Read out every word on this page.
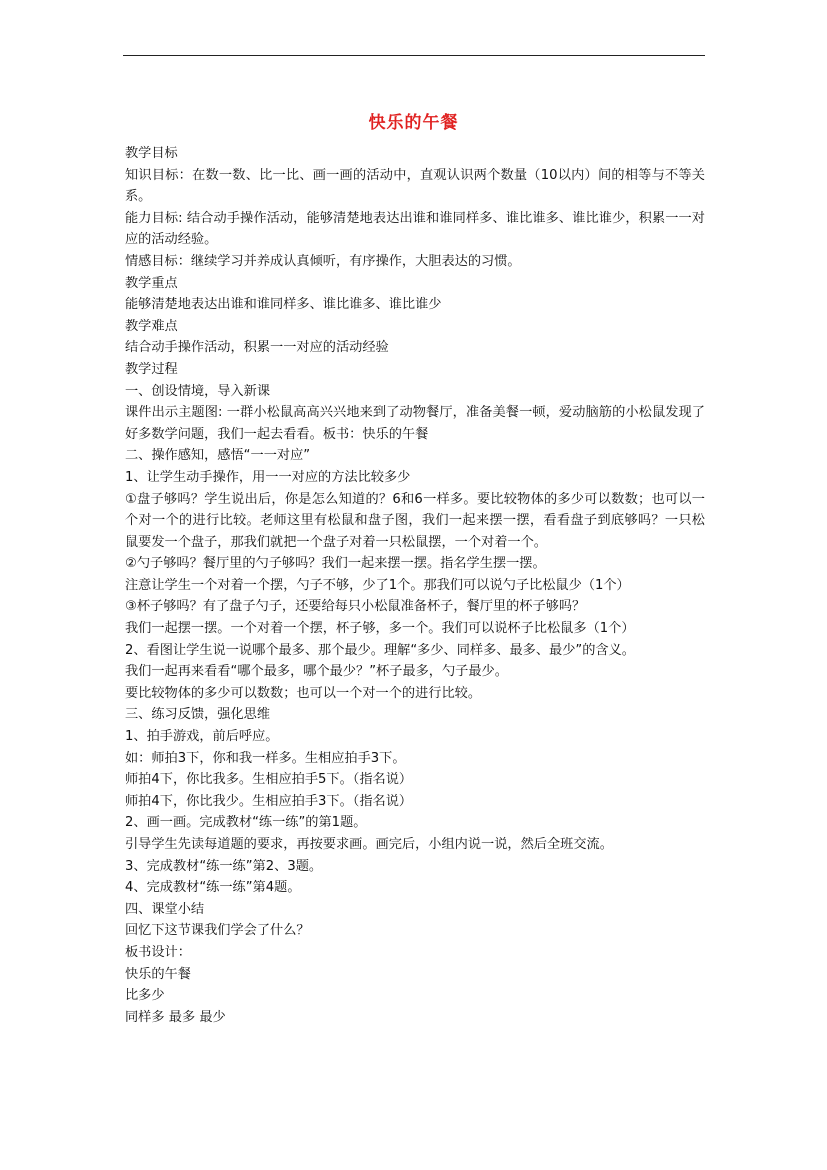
快乐的午餐

教学目标

知识目标：在数一数、比一比、画一画的活动中，直观认识两个数量（10以内）间的相等与不等关系。

能力目标: 结合动手操作活动，能够清楚地表达出谁和谁同样多、谁比谁多、谁比谁少，积累一一对应的活动经验。

情感目标：继续学习并养成认真倾听，有序操作，大胆表达的习惯。

教学重点

能够清楚地表达出谁和谁同样多、谁比谁多、谁比谁少

教学难点

结合动手操作活动，积累一一对应的活动经验

教学过程

一、创设情境，导入新课

课件出示主题图: 一群小松鼠高高兴兴地来到了动物餐厅，准备美餐一顿，爱动脑筋的小松鼠发现了好多数学问题，我们一起去看看。板书：快乐的午餐

二、操作感知，感悟“一一对应”

1、让学生动手操作，用一一对应的方法比较多少

①盘子够吗？学生说出后，你是怎么知道的？6和6一样多。要比较物体的多少可以数数；也可以一个对一个的进行比较。老师这里有松鼠和盘子图，我们一起来摆一摆，看看盘子到底够吗？一只松鼠要发一个盘子，那我们就把一个盘子对着一只松鼠摆，一个对着一个。

②勺子够吗？餐厅里的勺子够吗？我们一起来摆一摆。指名学生摆一摆。

注意让学生一个对着一个摆，勺子不够，少了1个。那我们可以说勺子比松鼠少（1个）

③杯子够吗？有了盘子勺子，还要给每只小松鼠准备杯子，餐厅里的杯子够吗？

我们一起摆一摆。一个对着一个摆，杯子够，多一个。我们可以说杯子比松鼠多（1个）

2、看图让学生说一说哪个最多、那个最少。理解“多少、同样多、最多、最少”的含义。

我们一起再来看看“哪个最多，哪个最少？”杯子最多，勺子最少。

要比较物体的多少可以数数；也可以一个对一个的进行比较。

三、练习反馈，强化思维

1、拍手游戏，前后呼应。

如：师拍3下，你和我一样多。生相应拍手3下。

师拍4下，你比我多。生相应拍手5下。（指名说）

师拍4下，你比我少。生相应拍手3下。（指名说）

2、画一画。完成教材“练一练”的第1题。

引导学生先读每道题的要求，再按要求画。画完后，小组内说一说，然后全班交流。

3、完成教材“练一练”第2、3题。

4、完成教材“练一练”第4题。

四、课堂小结

回忆下这节课我们学会了什么？

板书设计：

快乐的午餐

比多少

同样多 最多 最少
